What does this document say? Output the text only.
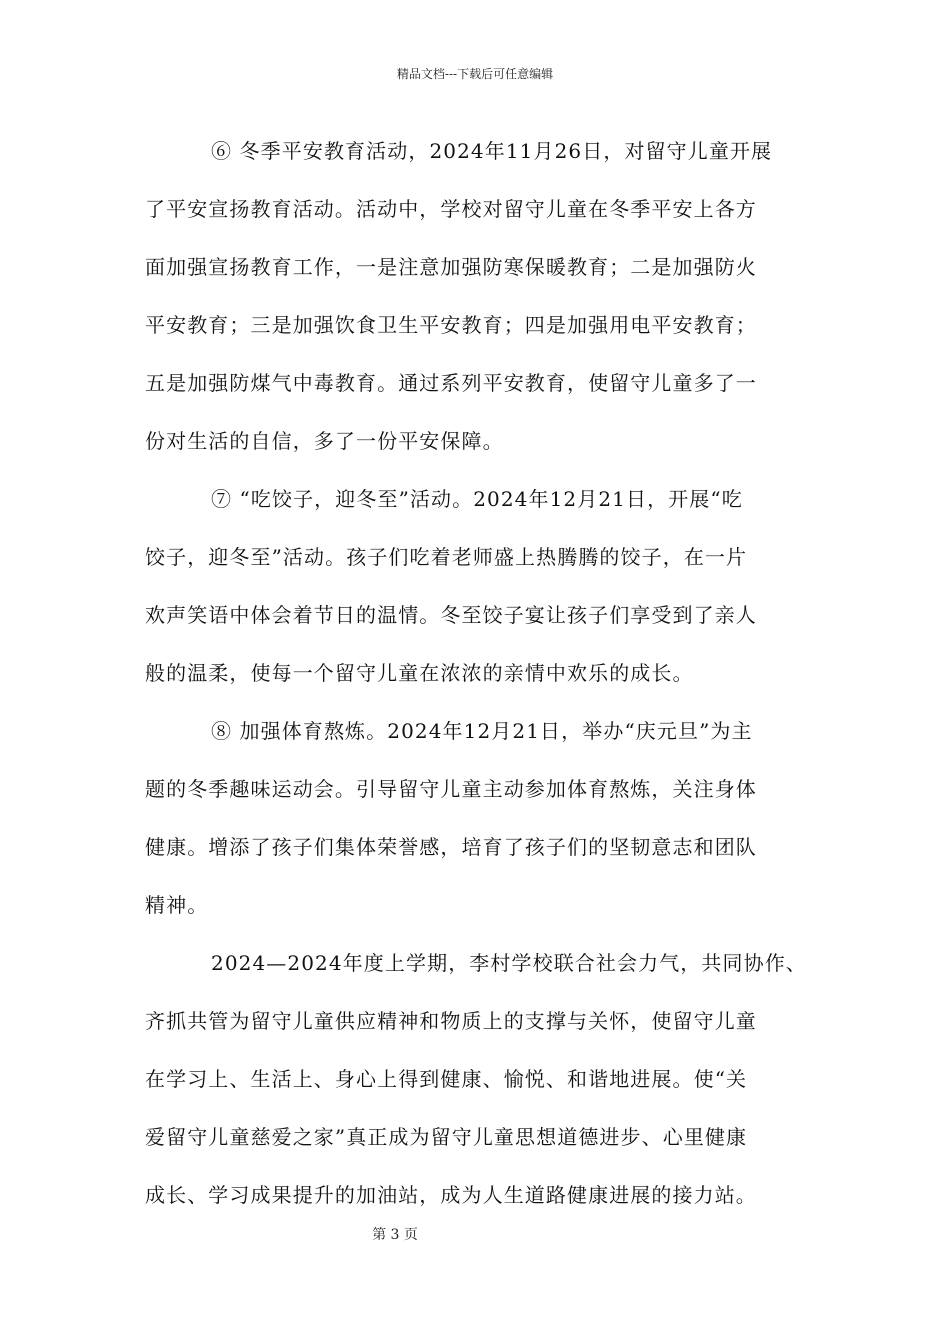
精品文档---下载后可任意编辑
⑥ 冬季平安教育活动，2024年11月26日，对留守儿童开展
了平安宣扬教育活动。活动中，学校对留守儿童在冬季平安上各方
面加强宣扬教育工作，一是注意加强防寒保暖教育；二是加强防火
平安教育；三是加强饮食卫生平安教育；四是加强用电平安教育；
五是加强防煤气中毒教育。通过系列平安教育，使留守儿童多了一
份对生活的自信，多了一份平安保障。
⑦ “吃饺子，迎冬至”活动。2024年12月21日，开展“吃
饺子，迎冬至”活动。孩子们吃着老师盛上热腾腾的饺子，在一片
欢声笑语中体会着节日的温情。冬至饺子宴让孩子们享受到了亲人
般的温柔，使每一个留守儿童在浓浓的亲情中欢乐的成长。
⑧ 加强体育熬炼。2024年12月21日，举办“庆元旦”为主
题的冬季趣味运动会。引导留守儿童主动参加体育熬炼，关注身体
健康。增添了孩子们集体荣誉感，培育了孩子们的坚韧意志和团队
精神。
2024—2024年度上学期，李村学校联合社会力气，共同协作、
齐抓共管为留守儿童供应精神和物质上的支撑与关怀，使留守儿童
在学习上、生活上、身心上得到健康、愉悦、和谐地进展。使“关
爱留守儿童慈爱之家”真正成为留守儿童思想道德进步、心里健康
成长、学习成果提升的加油站，成为人生道路健康进展的接力站。
第 3 页
